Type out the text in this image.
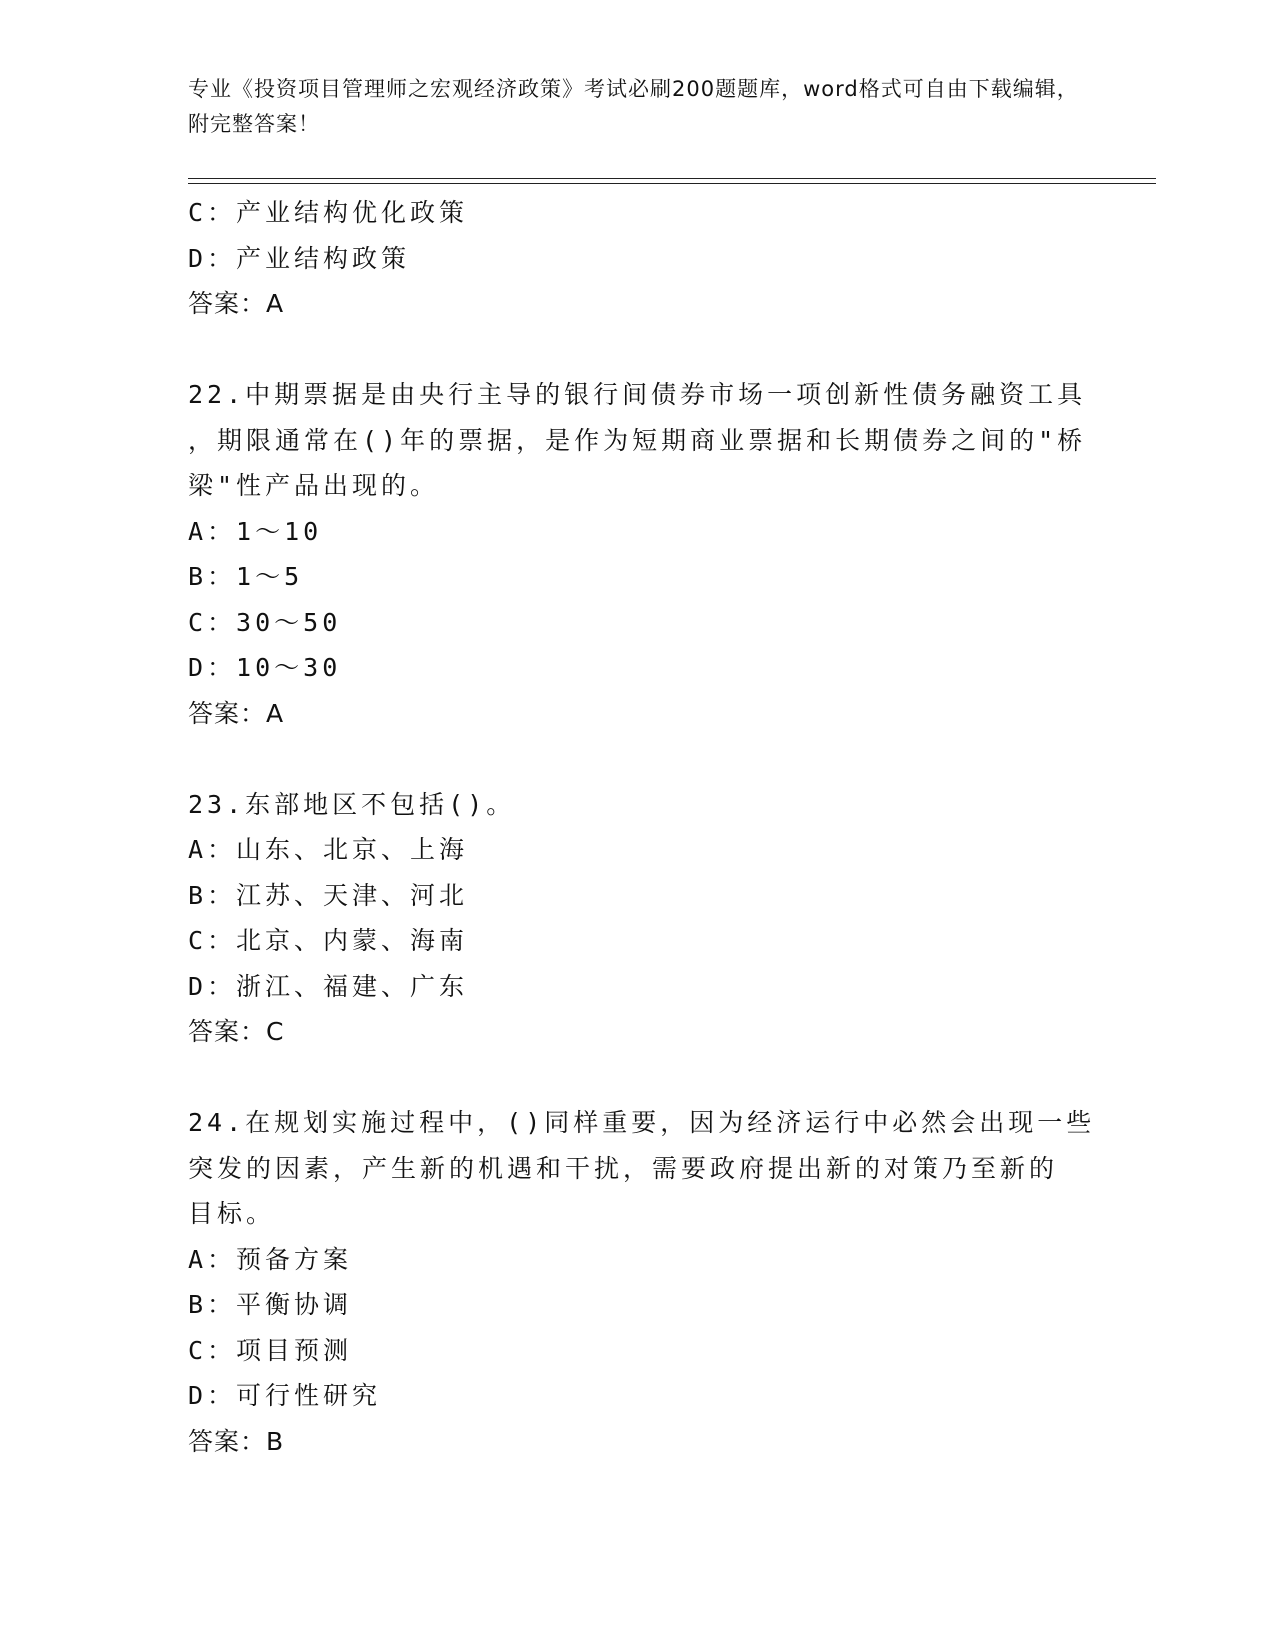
专业《投资项目管理师之宏观经济政策》考试必刷200题题库，word格式可自由下载编辑，附完整答案！
C：产业结构优化政策
D：产业结构政策
答案：A
22.中期票据是由央行主导的银行间债券市场一项创新性债务融资工具
，期限通常在()年的票据，是作为短期商业票据和长期债券之间的"桥
梁"性产品出现的。
A：1～10
B：1～5
C：30～50
D：10～30
答案：A
23.东部地区不包括()。
A：山东、北京、上海
B：江苏、天津、河北
C：北京、内蒙、海南
D：浙江、福建、广东
答案：C
24.在规划实施过程中，()同样重要，因为经济运行中必然会出现一些
突发的因素，产生新的机遇和干扰，需要政府提出新的对策乃至新的
目标。
A：预备方案
B：平衡协调
C：项目预测
D：可行性研究
答案：B
